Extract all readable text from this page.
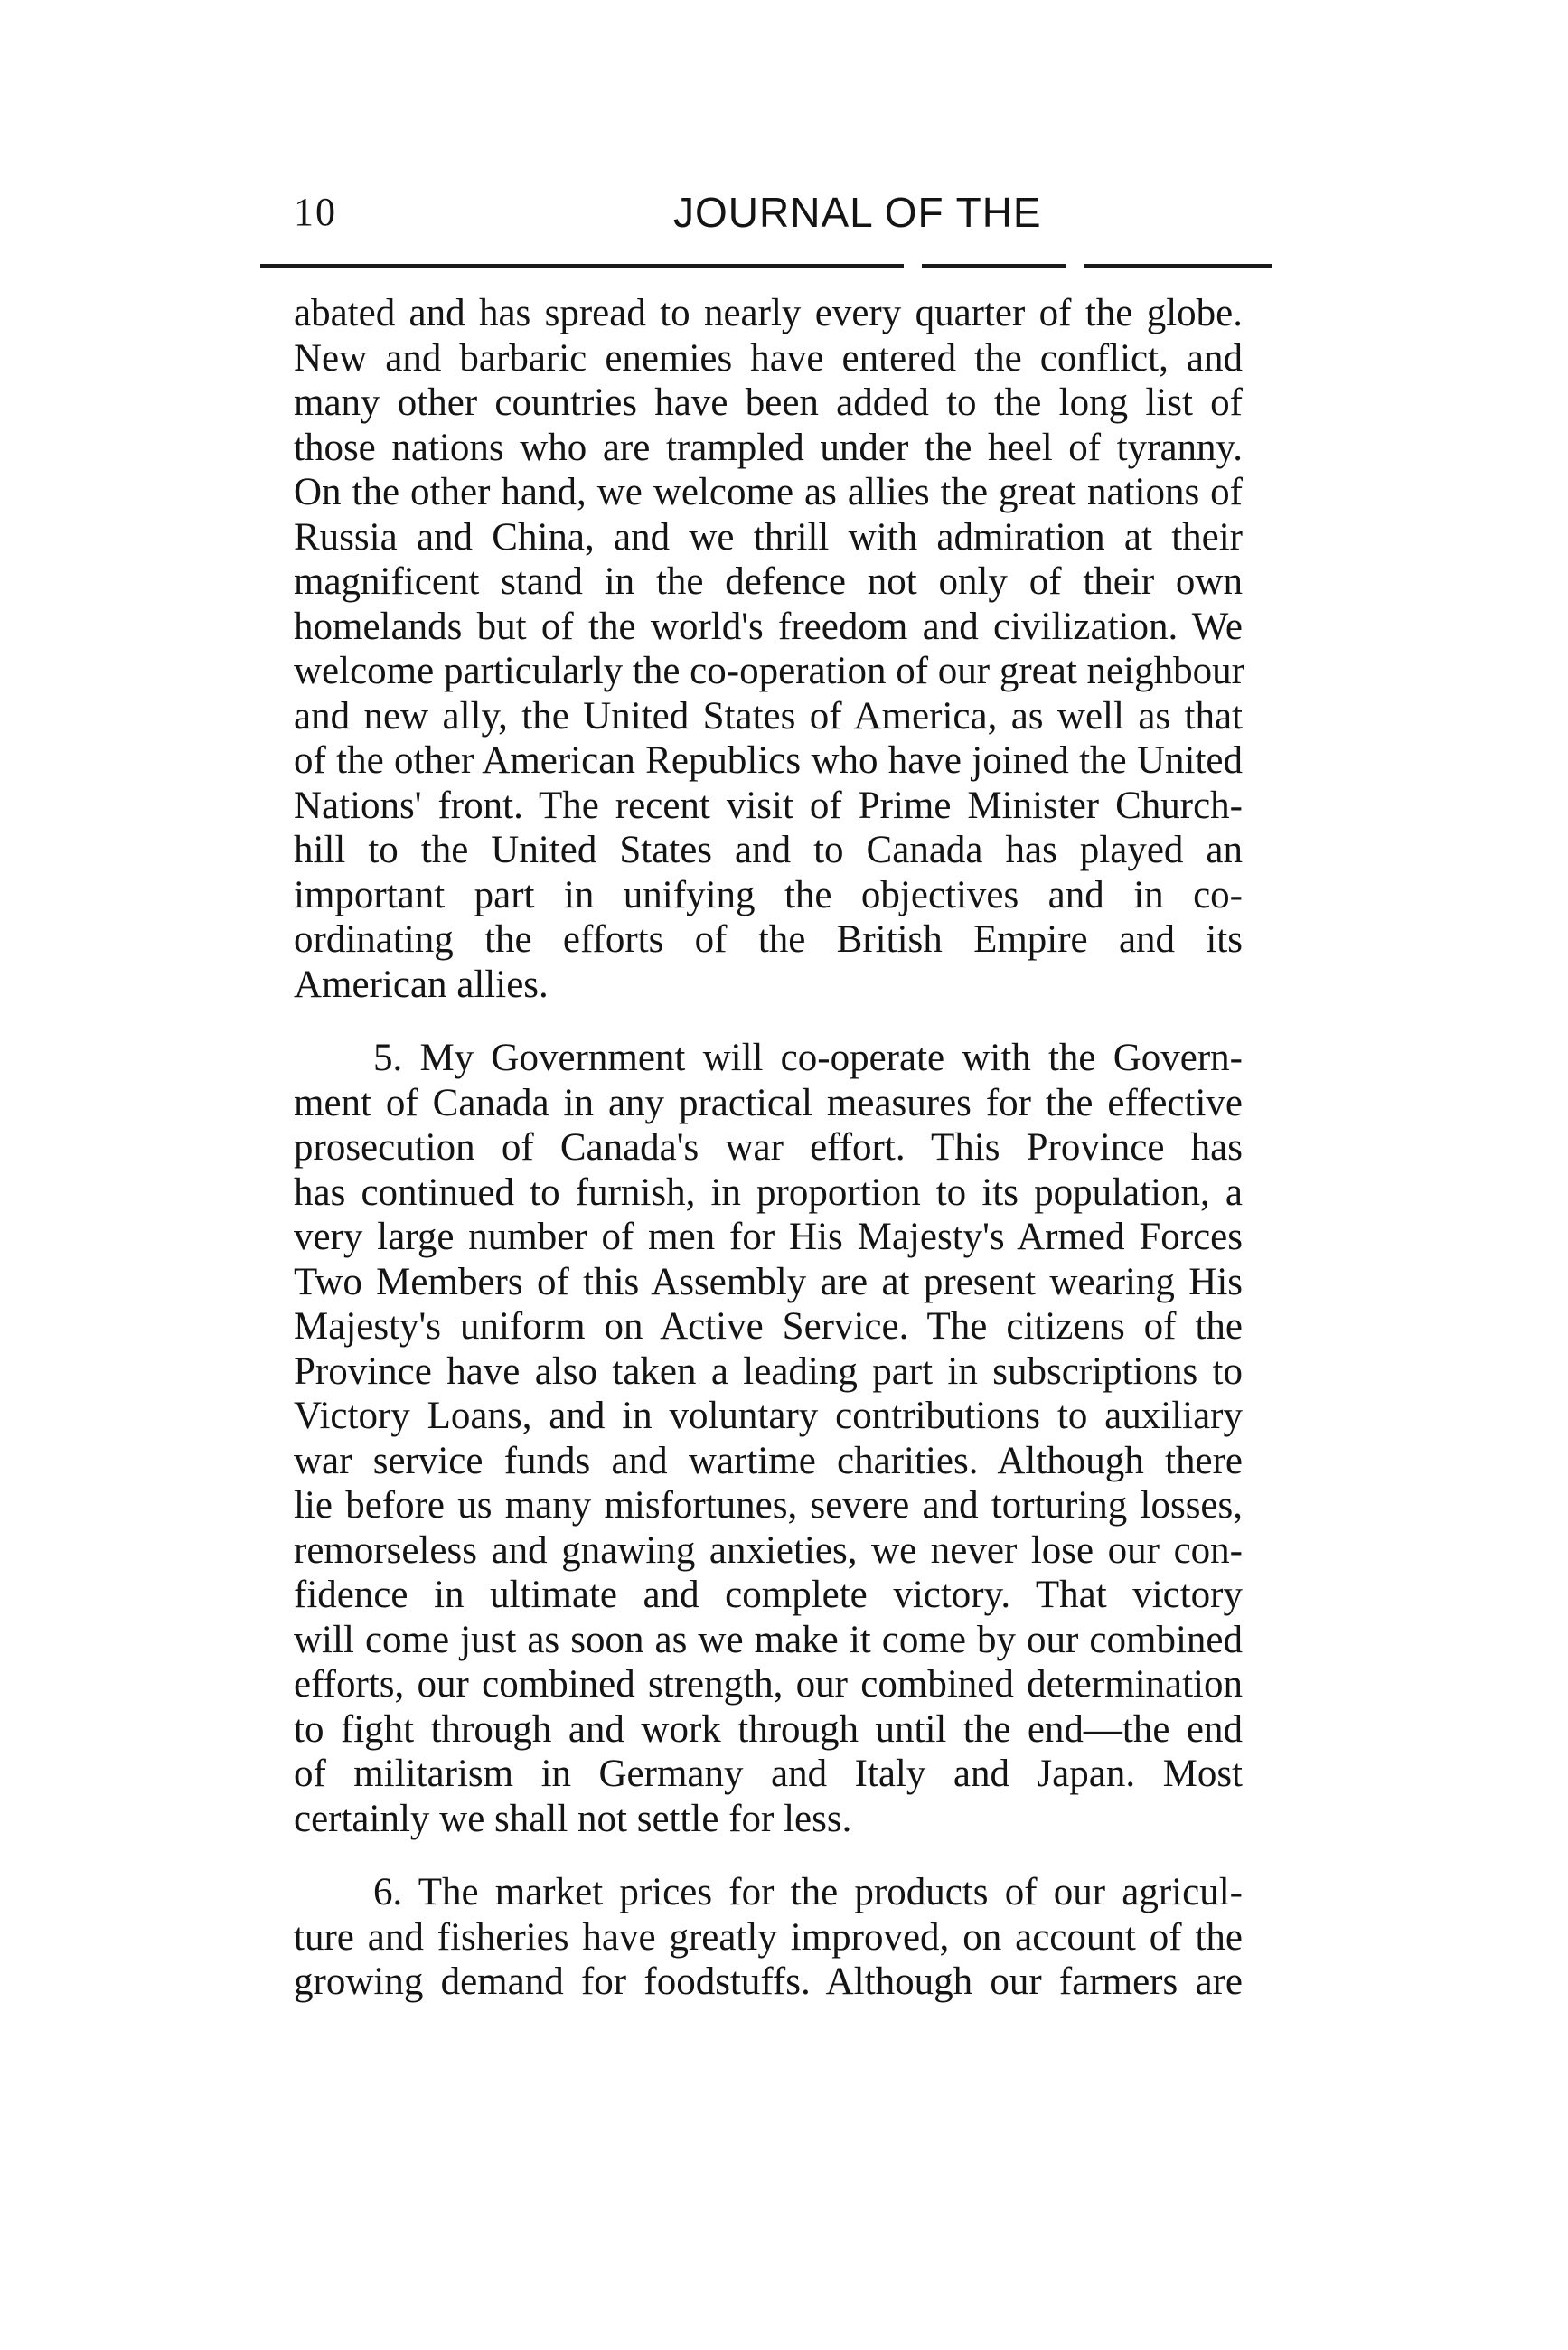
10	JOURNAL OF THE
abated and has spread to nearly every quarter of the globe.
New and barbaric enemies have entered the conflict, and
many other countries have been added to the long list of
those nations who are trampled under the heel of tyranny.
On the other hand, we welcome as allies the great nations of
Russia and China, and we thrill with admiration at their
magnificent stand in the defence not only of their own
homelands but of the world's freedom and civilization. We
welcome particularly the co-operation of our great neighbour
and new ally, the United States of America, as well as that
of the other American Republics who have joined the United
Nations' front. The recent visit of Prime Minister Church-
hill to the United States and to Canada has played an
important part in unifying the objectives and in co-
ordinating the efforts of the British Empire and its
American allies.
5. My Government will co-operate with the Govern-
ment of Canada in any practical measures for the effective
prosecution of Canada's war effort. This Province has
has continued to furnish, in proportion to its population, a
very large number of men for His Majesty's Armed Forces
Two Members of this Assembly are at present wearing His
Majesty's uniform on Active Service. The citizens of the
Province have also taken a leading part in subscriptions to
Victory Loans, and in voluntary contributions to auxiliary
war service funds and wartime charities. Although there
lie before us many misfortunes, severe and torturing losses,
remorseless and gnawing anxieties, we never lose our con-
fidence in ultimate and complete victory. That victory
will come just as soon as we make it come by our combined
efforts, our combined strength, our combined determination
to fight through and work through until the end—the end
of militarism in Germany and Italy and Japan. Most
certainly we shall not settle for less.
6. The market prices for the products of our agricul-
ture and fisheries have greatly improved, on account of the
growing demand for foodstuffs. Although our farmers are
